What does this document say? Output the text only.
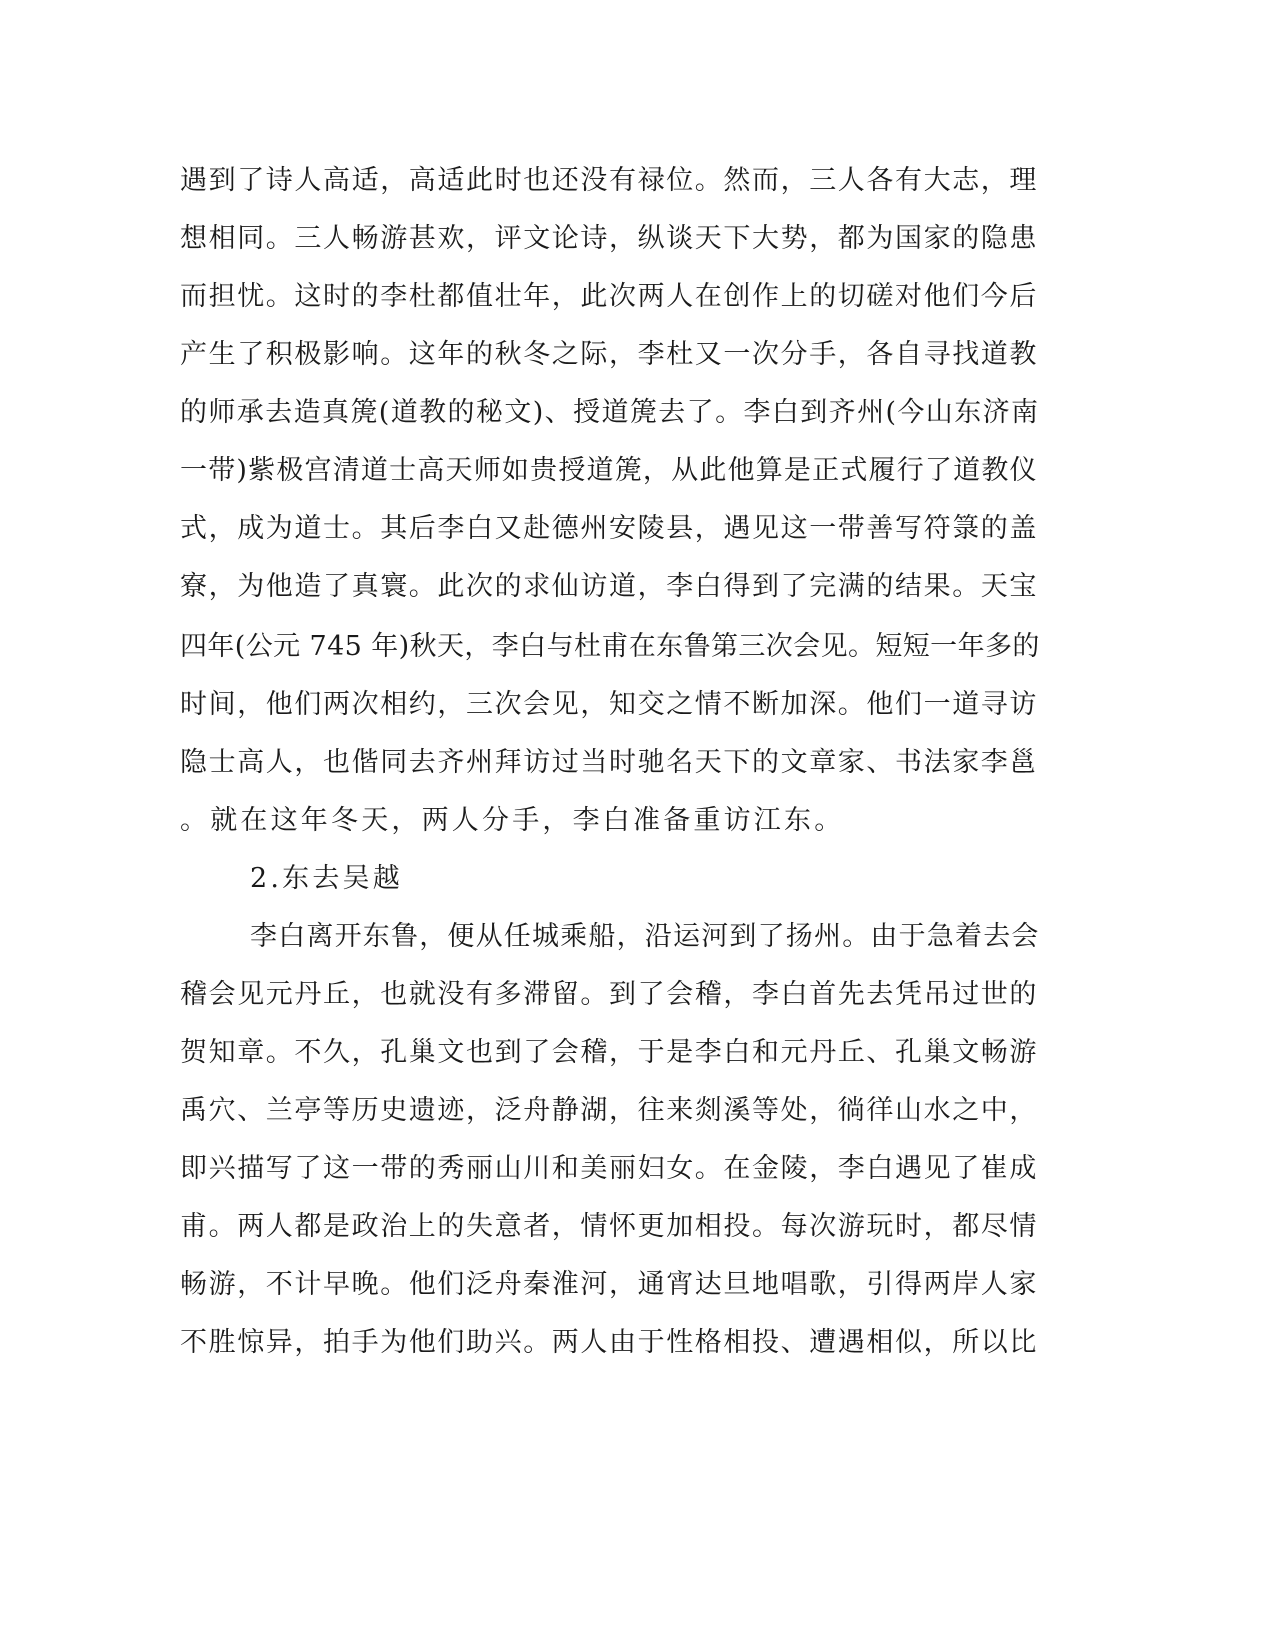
遇到了诗人高适，高适此时也还没有禄位。然而，三人各有大志，理
想相同。三人畅游甚欢，评文论诗，纵谈天下大势，都为国家的隐患
而担忧。这时的李杜都值壮年，此次两人在创作上的切磋对他们今后
产生了积极影响。这年的秋冬之际，李杜又一次分手，各自寻找道教
的师承去造真箎(道教的秘文)、授道箎去了。李白到齐州(今山东济南
一带)紫极宫清道士高天师如贵授道箎，从此他算是正式履行了道教仪
式，成为道士。其后李白又赴德州安陵县，遇见这一带善写符箓的盖
寮，为他造了真寰。此次的求仙访道，李白得到了完满的结果。天宝
四年(公元 745 年)秋天，李白与杜甫在东鲁第三次会见。短短一年多的
时间，他们两次相约，三次会见，知交之情不断加深。他们一道寻访
隐士高人，也偕同去齐州拜访过当时驰名天下的文章家、书法家李邕
。就在这年冬天，两人分手，李白准备重访江东。
2.东去吴越
李白离开东鲁，便从任城乘船，沿运河到了扬州。由于急着去会
稽会见元丹丘，也就没有多滞留。到了会稽，李白首先去凭吊过世的
贺知章。不久，孔巢文也到了会稽，于是李白和元丹丘、孔巢文畅游
禹穴、兰亭等历史遗迹，泛舟静湖，往来剡溪等处，徜徉山水之中，
即兴描写了这一带的秀丽山川和美丽妇女。在金陵，李白遇见了崔成
甫。两人都是政治上的失意者，情怀更加相投。每次游玩时，都尽情
畅游，不计早晚。他们泛舟秦淮河，通宵达旦地唱歌，引得两岸人家
不胜惊异，拍手为他们助兴。两人由于性格相投、遭遇相似，所以比
